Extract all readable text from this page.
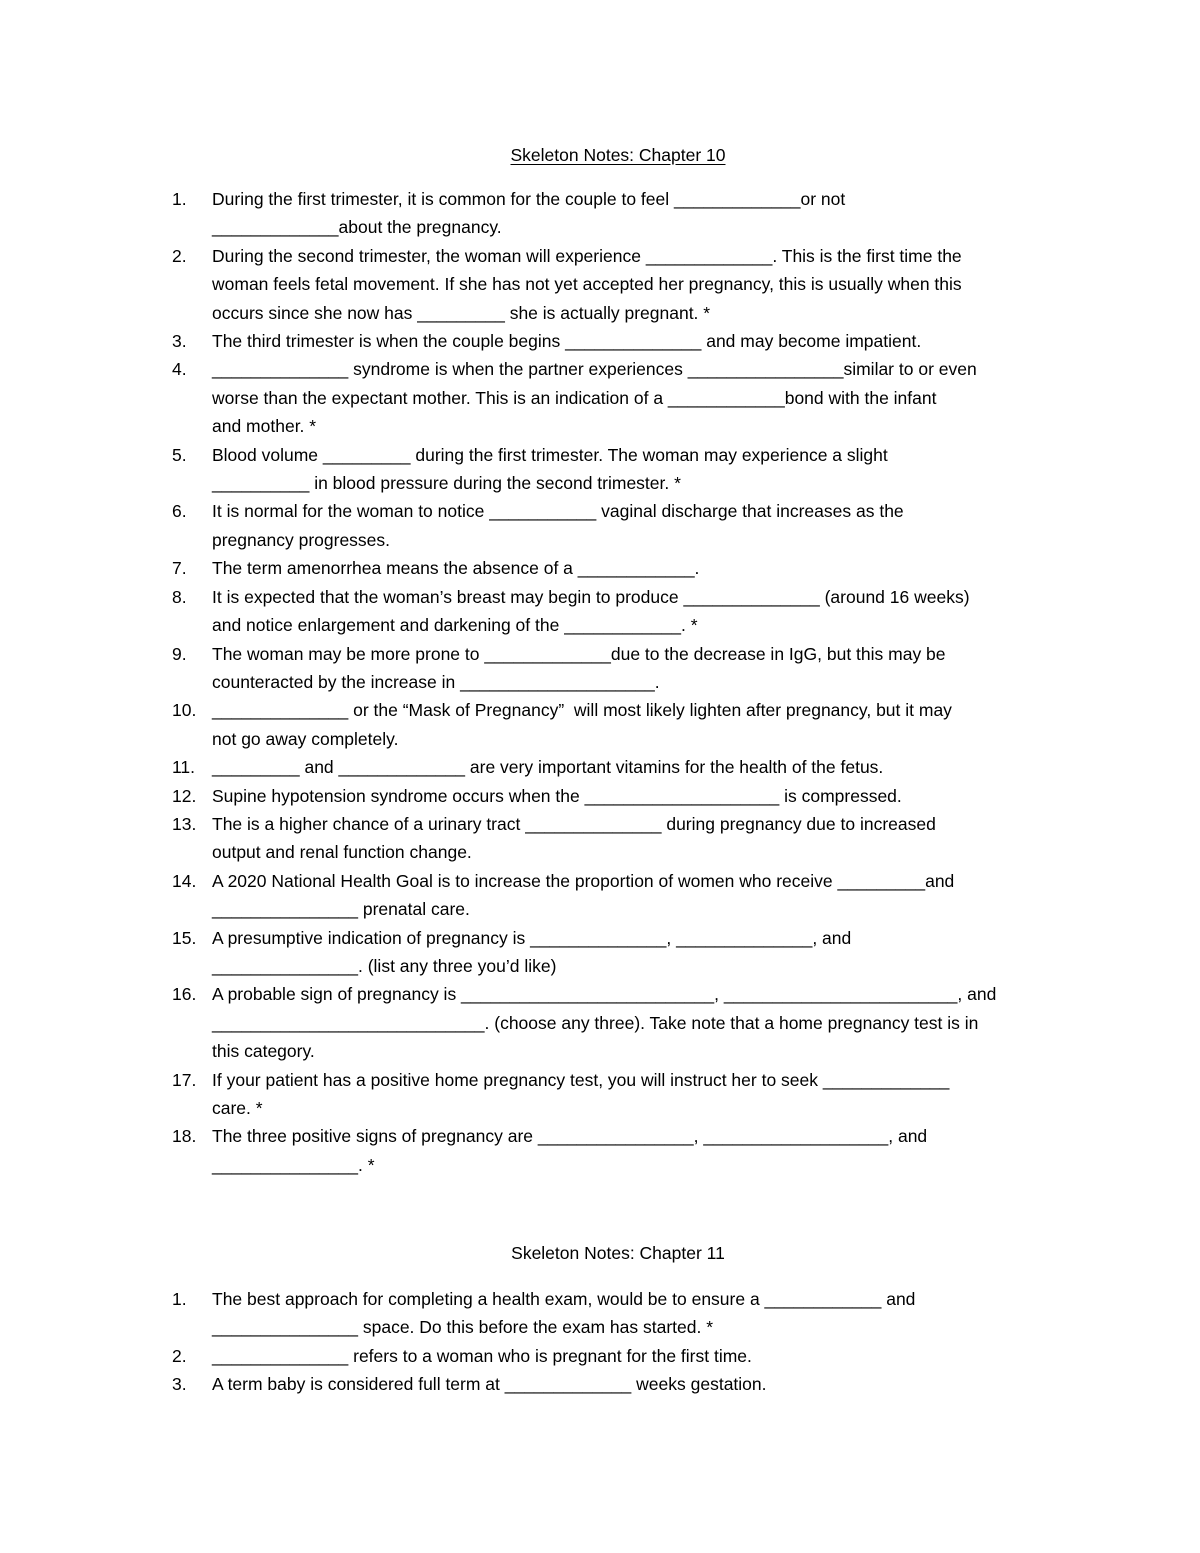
Skeleton Notes: Chapter 10
1.	During the first trimester, it is common for the couple to feel _____________or not
_____________about the pregnancy.
2.	During the second trimester, the woman will experience _____________. This is the first time the
woman feels fetal movement. If she has not yet accepted her pregnancy, this is usually when this
occurs since she now has _________ she is actually pregnant. *
3.	The third trimester is when the couple begins ______________ and may become impatient.
4.	______________ syndrome is when the partner experiences ________________similar to or even
worse than the expectant mother. This is an indication of a ____________bond with the infant
and mother. *
5.	Blood volume _________ during the first trimester. The woman may experience a slight
__________ in blood pressure during the second trimester. *
6.	It is normal for the woman to notice ___________ vaginal discharge that increases as the
pregnancy progresses.
7.	The term amenorrhea means the absence of a ____________.
8.	It is expected that the woman’s breast may begin to produce ______________ (around 16 weeks)
and notice enlargement and darkening of the ____________. *
9.	The woman may be more prone to _____________due to the decrease in IgG, but this may be
counteracted by the increase in ____________________.
10. ______________ or the “Mask of Pregnancy”  will most likely lighten after pregnancy, but it may
not go away completely.
11. _________ and _____________ are very important vitamins for the health of the fetus.
12. Supine hypotension syndrome occurs when the ____________________ is compressed.
13. The is a higher chance of a urinary tract ______________ during pregnancy due to increased
output and renal function change.
14. A 2020 National Health Goal is to increase the proportion of women who receive _________and
_______________ prenatal care.
15. A presumptive indication of pregnancy is ______________, ______________, and
_______________. (list any three you’d like)
16. A probable sign of pregnancy is __________________________, ________________________, and
____________________________. (choose any three). Take note that a home pregnancy test is in
this category.
17. If your patient has a positive home pregnancy test, you will instruct her to seek _____________
care. *
18. The three positive signs of pregnancy are ________________, ___________________, and
_______________. *
Skeleton Notes: Chapter 11
1.	The best approach for completing a health exam, would be to ensure a ____________ and
_______________ space. Do this before the exam has started. *
2.	______________ refers to a woman who is pregnant for the first time.
3.	A term baby is considered full term at _____________ weeks gestation.
